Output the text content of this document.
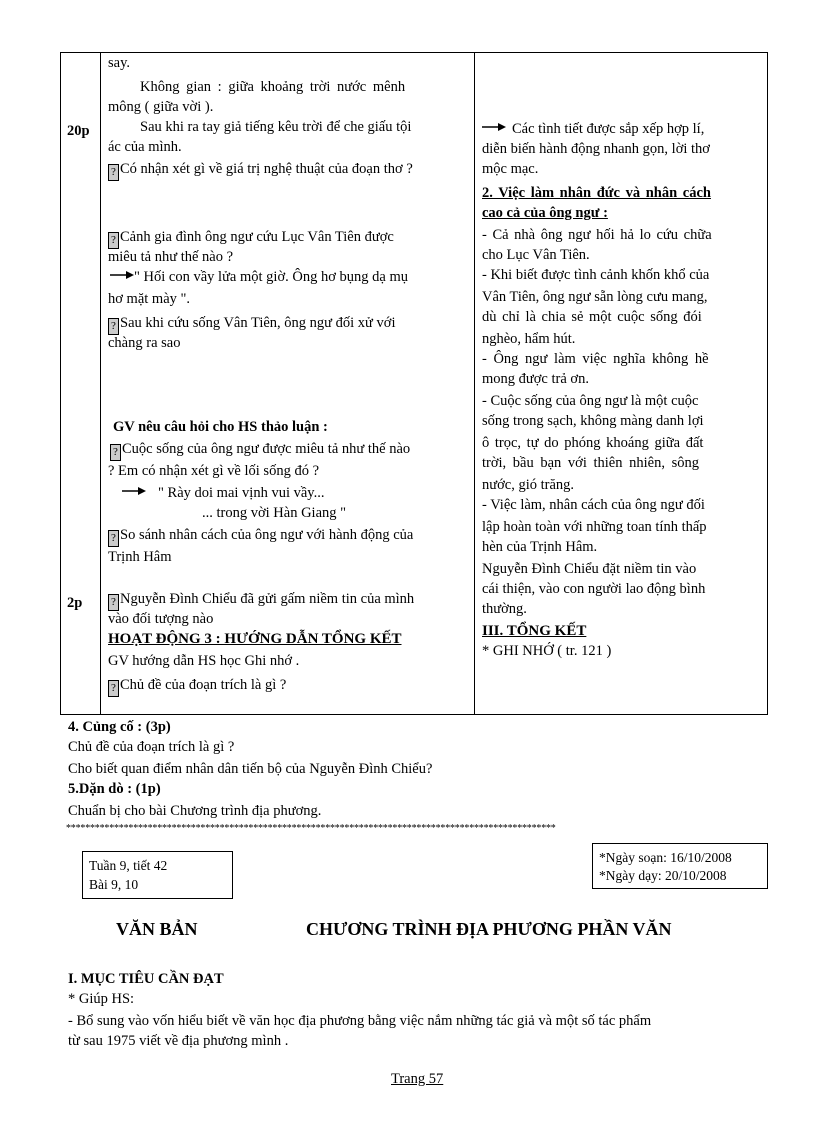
20p
2p
say.
Không gian : giữa khoảng trời nước mênh
mông ( giữa vời ).
Sau khi ra tay giả tiếng kêu trời để che giấu tội
ác của mình.
? Có nhận xét gì về giá trị nghệ thuật của đoạn thơ ?
? Cảnh gia đình ông ngư cứu Lục Vân Tiên được
miêu tả như thế nào ?
" Hối con vầy lửa một giờ. Ông hơ bụng dạ mụ
hơ mặt mày ".
? Sau khi cứu sống Vân Tiên, ông ngư đối xử với
chàng ra sao
GV nêu câu hỏi cho HS thảo luận :
? Cuộc sống của ông ngư được miêu tả như thế nào
? Em có nhận xét gì về lối sống đó ?
" Rày doi mai vịnh vui vầy...
... trong vời Hàn Giang "
? So sánh nhân cách của ông ngư với hành động của
Trịnh Hâm
? Nguyễn Đình Chiểu đã gửi gấm niềm tin của mình
vào đối tượng nào
HOẠT ĐỘNG 3 : HƯỚNG DẪN TỔNG KẾT
GV hướng dẫn HS học Ghi nhớ .
? Chủ đề của đoạn trích là gì ?
Các tình tiết được sắp xếp hợp lí,
diễn biến hành động nhanh gọn, lời thơ
mộc mạc.
2. Việc làm nhân đức và nhân cách
cao cả của ông ngư :
- Cả nhà ông ngư hối hả lo cứu chữa
cho Lục Vân Tiên.
- Khi biết được tình cảnh khốn khổ của
Vân Tiên, ông ngư sẵn lòng cưu mang,
dù chỉ là chia sẻ một cuộc sống đói
nghèo, hẩm hút.
- Ông ngư làm việc nghĩa không hề
mong được trả ơn.
- Cuộc sống của ông ngư là một cuộc
sống trong sạch, không màng danh lợi
ô trọc, tự do phóng khoáng giữa đất
trời, bầu bạn với thiên nhiên, sông
nước, gió trăng.
- Việc làm, nhân cách của ông ngư đối
lập hoàn toàn với những toan tính thấp
hèn của Trịnh Hâm.
Nguyễn Đình Chiểu đặt niềm tin vào
cái thiện, vào con người lao động bình
thường.
III. TỔNG KẾT
* GHI NHỚ ( tr. 121 )
4. Củng cố : (3p)
Chủ đề của đoạn trích là gì ?
Cho biết quan điểm nhân dân tiến bộ của Nguyễn Đình Chiểu?
5.Dặn dò : (1p)
Chuẩn bị cho bài Chương trình địa phương.
******************************************************************************************************
Tuần 9, tiết 42
Bài 9, 10
*Ngày soạn: 16/10/2008
*Ngày dạy: 20/10/2008
VĂN BẢN	CHƯƠNG TRÌNH ĐỊA PHƯƠNG PHẦN VĂN
I. MỤC TIÊU CẦN ĐẠT
* Giúp HS:
- Bổ sung vào vốn hiểu biết về văn học địa phương bằng việc nắm những tác giả và một số tác phẩm
từ sau 1975 viết về địa phương mình .
Trang 57
